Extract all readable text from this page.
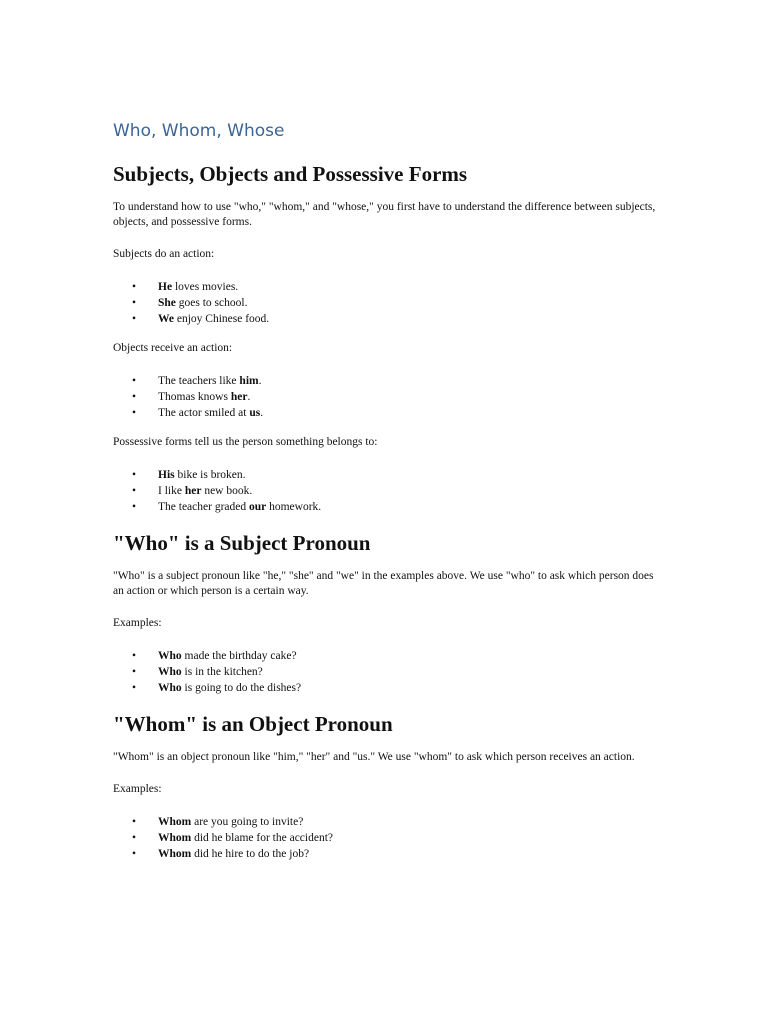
Who, Whom, Whose
Subjects, Objects and Possessive Forms

To understand how to use "who," "whom," and "whose," you first have to understand the difference between subjects, objects, and possessive forms.

Subjects do an action:

• He loves movies.
• She goes to school.
• We enjoy Chinese food.

Objects receive an action:

• The teachers like him.
• Thomas knows her.
• The actor smiled at us.

Possessive forms tell us the person something belongs to:

• His bike is broken.
• I like her new book.
• The teacher graded our homework.
"Who" is a Subject Pronoun

"Who" is a subject pronoun like "he," "she" and "we" in the examples above. We use "who" to ask which person does an action or which person is a certain way.

Examples:

• Who made the birthday cake?
• Who is in the kitchen?
• Who is going to do the dishes?
"Whom" is an Object Pronoun

"Whom" is an object pronoun like "him," "her" and "us." We use "whom" to ask which person receives an action.

Examples:

• Whom are you going to invite?
• Whom did he blame for the accident?
• Whom did he hire to do the job?
